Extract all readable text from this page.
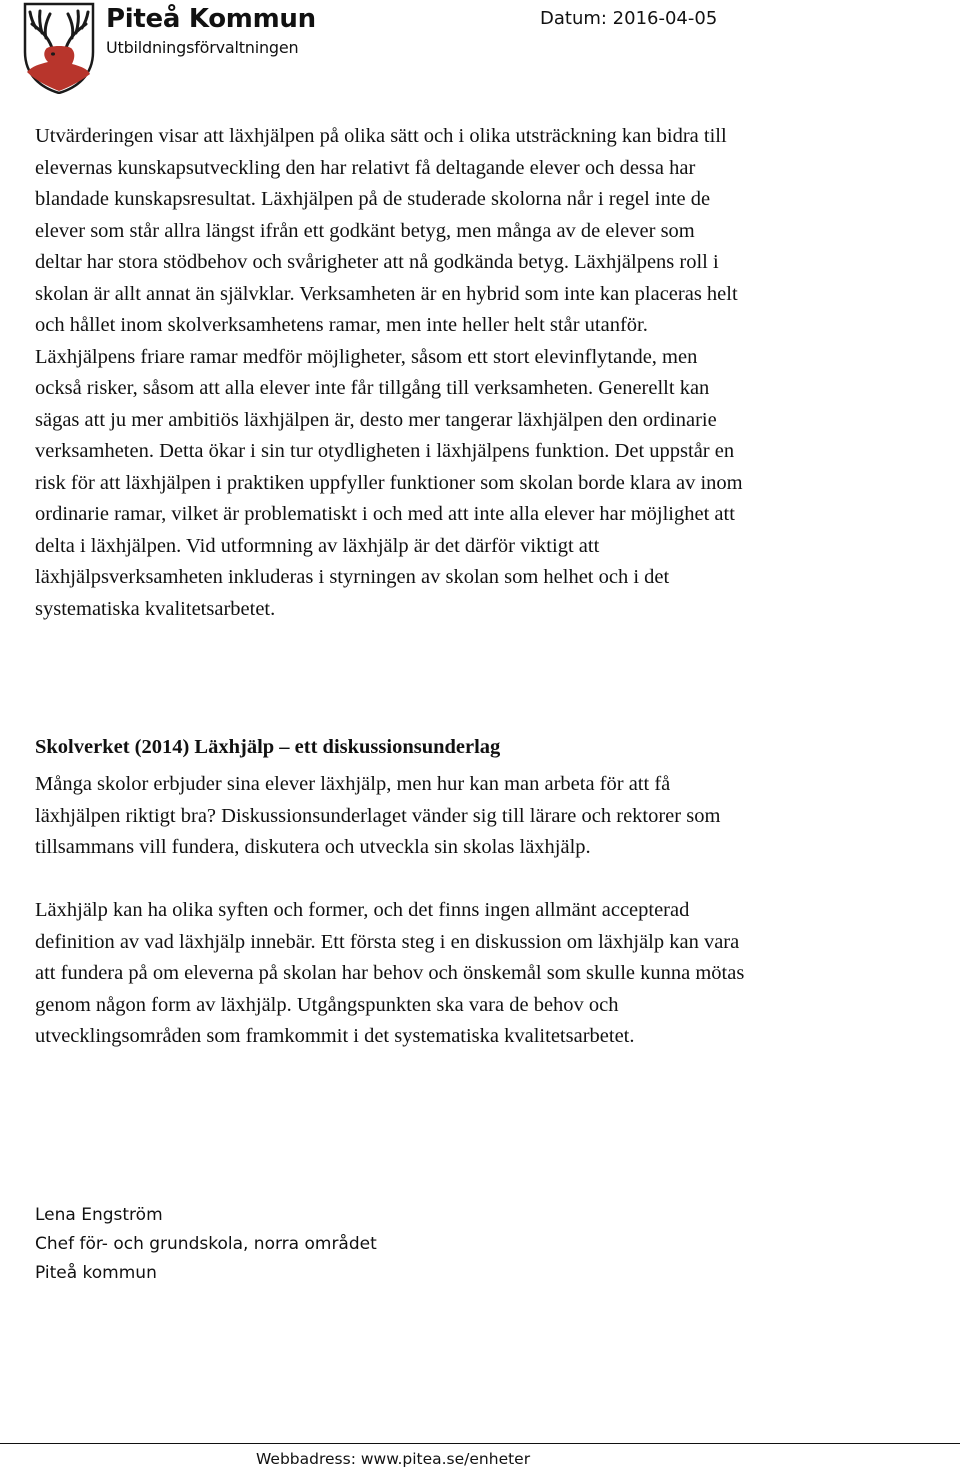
Piteå Kommun
Utbildningsförvaltningen
Datum: 2016-04-05

Utvärderingen visar att läxhjälpen på olika sätt och i olika utsträckning kan bidra till elevernas kunskapsutveckling den har relativt få deltagande elever och dessa har blandade kunskapsresultat. Läxhjälpen på de studerade skolorna når i regel inte de elever som står allra längst ifrån ett godkänt betyg, men många av de elever som deltar har stora stödbehov och svårigheter att nå godkända betyg. Läxhjälpens roll i skolan är allt annat än självklar. Verksamheten är en hybrid som inte kan placeras helt och hållet inom skolverksamhetens ramar, men inte heller helt står utanför. Läxhjälpens friare ramar medför möjligheter, såsom ett stort elevinflytande, men också risker, såsom att alla elever inte får tillgång till verksamheten. Generellt kan sägas att ju mer ambitiös läxhjälpen är, desto mer tangerar läxhjälpen den ordinarie verksamheten. Detta ökar i sin tur otydligheten i läxhjälpens funktion. Det uppstår en risk för att läxhjälpen i praktiken uppfyller funktioner som skolan borde klara av inom ordinarie ramar, vilket är problematiskt i och med att inte alla elever har möjlighet att delta i läxhjälpen. Vid utformning av läxhjälp är det därför viktigt att läxhjälpsverksamheten inkluderas i styrningen av skolan som helhet och i det systematiska kvalitetsarbetet.

Skolverket (2014) Läxhjälp – ett diskussionsunderlag

Många skolor erbjuder sina elever läxhjälp, men hur kan man arbeta för att få läxhjälpen riktigt bra? Diskussionsunderlaget vänder sig till lärare och rektorer som tillsammans vill fundera, diskutera och utveckla sin skolas läxhjälp.

Läxhjälp kan ha olika syften och former, och det finns ingen allmänt accepterad definition av vad läxhjälp innebär. Ett första steg i en diskussion om läxhjälp kan vara att fundera på om eleverna på skolan har behov och önskemål som skulle kunna mötas genom någon form av läxhjälp. Utgångspunkten ska vara de behov och utvecklingsområden som framkommit i det systematiska kvalitetsarbetet.

Lena Engström
Chef för- och grundskola, norra området
Piteå kommun
Webbadress: www.pitea.se/enheter
